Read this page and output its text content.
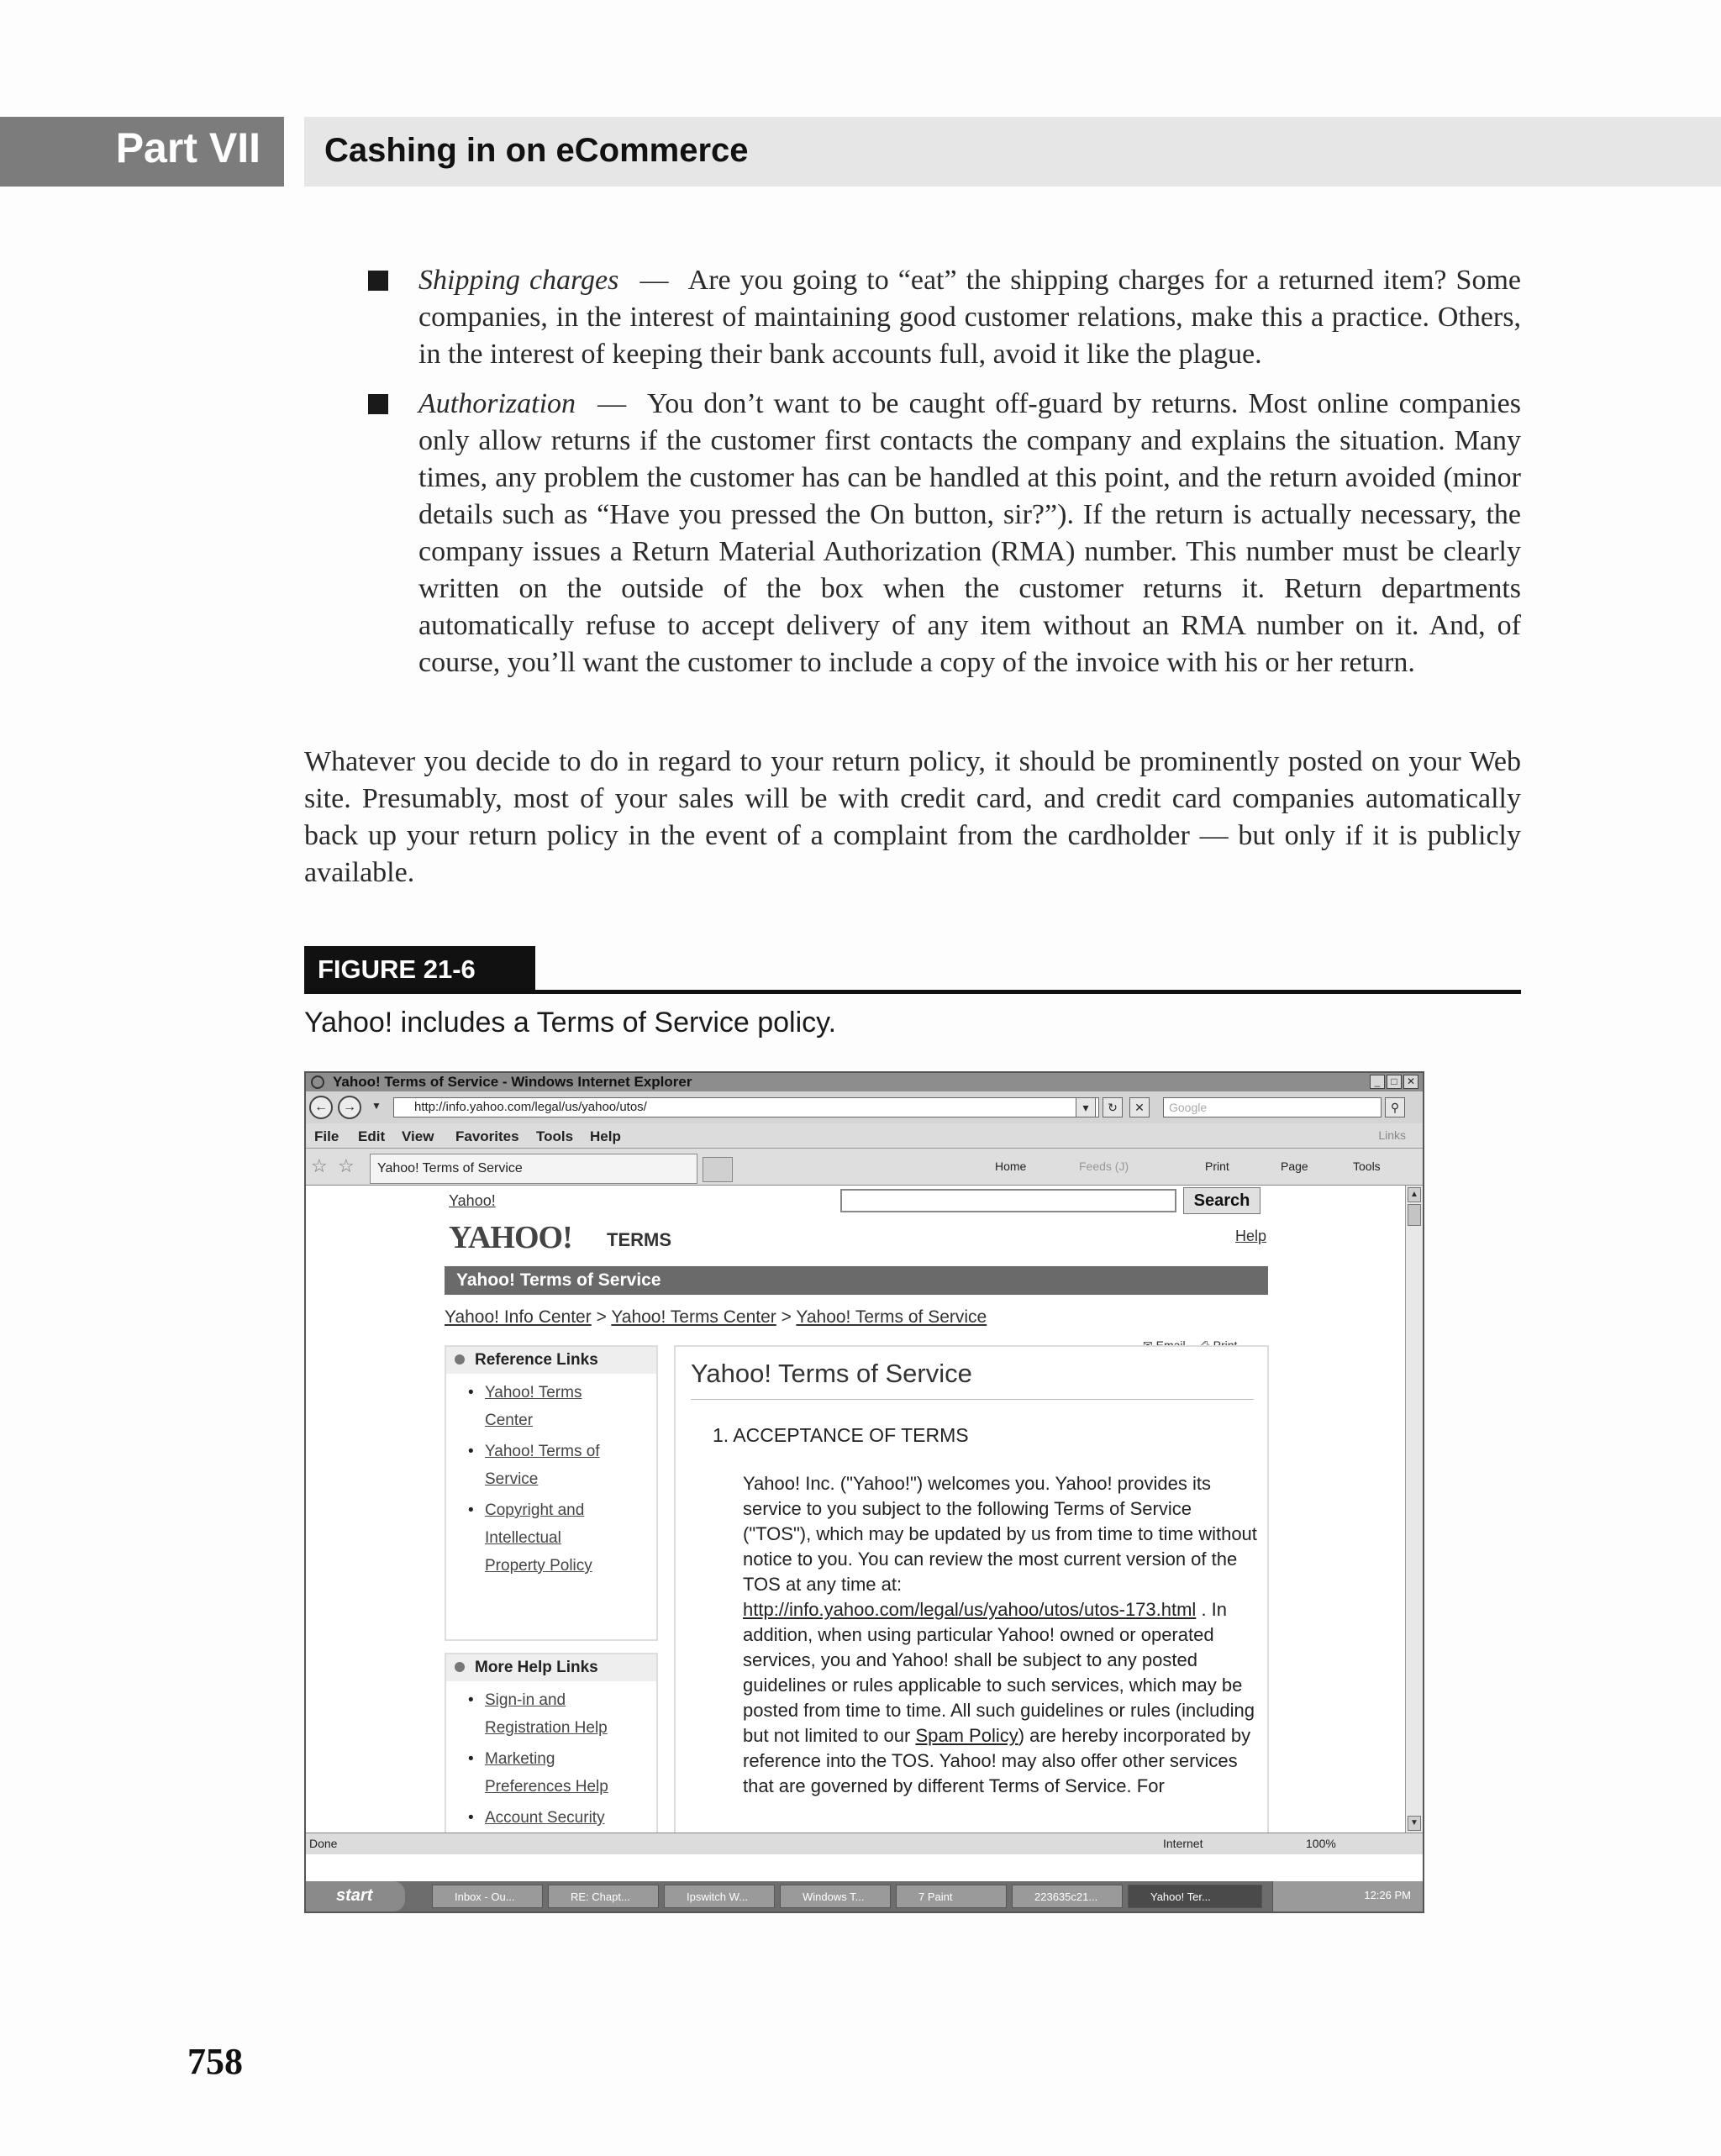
Part VII Cashing in on eCommerce

Shipping charges — Are you going to “eat” the shipping charges for a returned item? Some companies, in the interest of maintaining good customer relations, make this a practice. Others, in the interest of keeping their bank accounts full, avoid it like the plague.

Authorization — You don’t want to be caught off-guard by returns. Most online companies only allow returns if the customer first contacts the company and explains the situation. Many times, any problem the customer has can be handled at this point, and the return avoided (minor details such as “Have you pressed the On button, sir?”). If the return is actually necessary, the company issues a Return Material Authorization (RMA) number. This number must be clearly written on the outside of the box when the customer returns it. Return departments automatically refuse to accept delivery of any item without an RMA number on it. And, of course, you’ll want the customer to include a copy of the invoice with his or her return.

Whatever you decide to do in regard to your return policy, it should be prominently posted on your Web site. Presumably, most of your sales will be with credit card, and credit card companies automatically back up your return policy in the event of a complaint from the cardholder — but only if it is publicly available.

FIGURE 21-6
Yahoo! includes a Terms of Service policy.
Yahoo! Terms of Service - Windows Internet Explorer	_	□ ✕
←	→	▼	http://info.yahoo.com/legal/us/yahoo/utos/	▾	↻	✕	Google	⚲
File Edit View Favorites Tools Help	Links
☆ ☆	Yahoo! Terms of Service	Home	Feeds (J)	Print	Page	Tools
Yahoo!	Search
YAHOO! TERMS	Help
Yahoo! Terms of Service
Yahoo! Info Center > Yahoo! Terms Center > Yahoo! Terms of Service
Reference Links
• Yahoo! Terms Center
• Yahoo! Terms of Service
• Copyright and Intellectual Property Policy
More Help Links
• Sign-in and Registration Help
• Marketing Preferences Help
• Account Security
Yahoo! Terms of Service
1. ACCEPTANCE OF TERMS

Yahoo! Inc. ("Yahoo!") welcomes you. Yahoo! provides its service to you subject to the following Terms of Service ("TOS"), which may be updated by us from time to time without notice to you. You can review the most current version of the TOS at any time at: http://info.yahoo.com/legal/us/yahoo/utos/utos-173.html . In addition, when using particular Yahoo! owned or operated services, you and Yahoo! shall be subject to any posted guidelines or rules applicable to such services, which may be posted from time to time. All such guidelines or rules (including but not limited to our Spam Policy) are hereby incorporated by reference into the TOS. Yahoo! may also offer other services that are governed by different Terms of Service. For

▲
▼
Done	Internet	100%
start	Inbox - Ou...	RE: Chapt...	Ipswitch W...	Windows T...	7 Paint	223635c21...	Yahoo! Ter...	12:26 PM
758
